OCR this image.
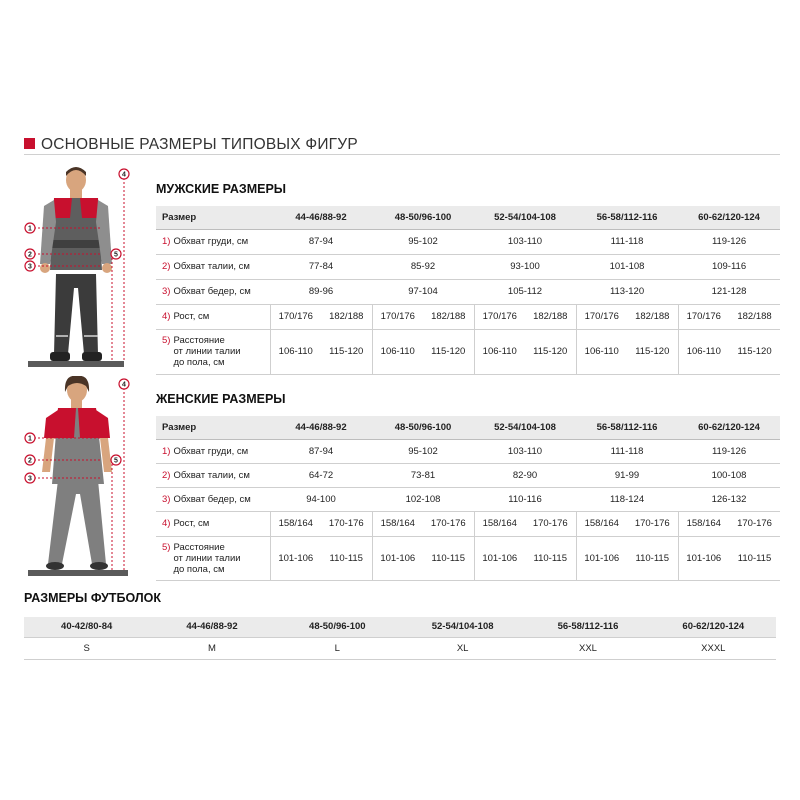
ОСНОВНЫЕ РАЗМЕРЫ ТИПОВЫХ ФИГУР
1
2
3
4
5
1
2
3
4
5
МУЖСКИЕ РАЗМЕРЫ
Размер	44-46/88-92		48-50/96-100		52-54/104-108		56-58/112-116		60-62/120-124	
1) Обхват груди, см	87-94		95-102		103-110		111-118		119-126	
2) Обхват талии, см	77-84		85-92		93-100		101-108		109-116	
3) Обхват бедер, см	89-96		97-104		105-112		113-120		121-128	
4) Рост, см	170/176	182/188	170/176	182/188	170/176	182/188	170/176	182/188	170/176	182/188
5) Расстояние
от линии талии
до пола, см	106-110	115-120	106-110	115-120	106-110	115-120	106-110	115-120	106-110	115-120
ЖЕНСКИЕ РАЗМЕРЫ
Размер	44-46/88-92		48-50/96-100		52-54/104-108		56-58/112-116		60-62/120-124	
1) Обхват груди, см	87-94		95-102		103-110		111-118		119-126	
2) Обхват талии, см	64-72		73-81		82-90		91-99		100-108	
3) Обхват бедер, см	94-100		102-108		110-116		118-124		126-132	
4) Рост, см	158/164	170-176	158/164	170-176	158/164	170-176	158/164	170-176	158/164	170-176
5) Расстояние
от линии талии
до пола, см	101-106	110-115	101-106	110-115	101-106	110-115	101-106	110-115	101-106	110-115
РАЗМЕРЫ ФУТБОЛОК
40-42/80-84	44-46/88-92	48-50/96-100	52-54/104-108	56-58/112-116	60-62/120-124
S	M	L	XL	XXL	XXXL
